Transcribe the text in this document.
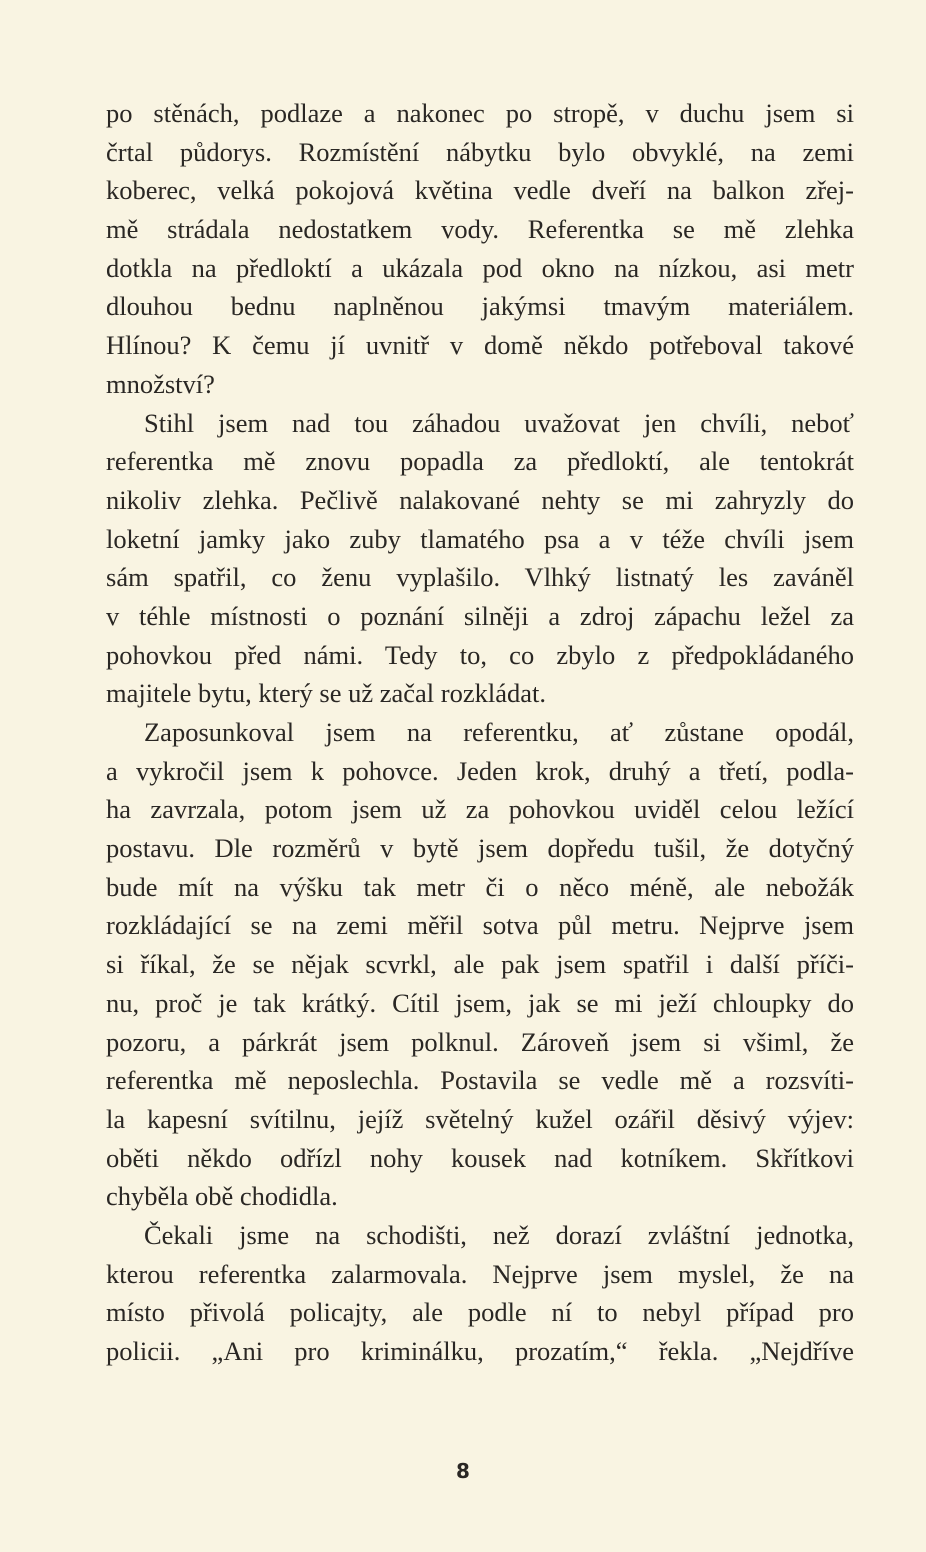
po stěnách, podlaze a nakonec po stropě, v duchu jsem si
črtal půdorys. Rozmístění nábytku bylo obvyklé, na zemi
koberec, velká pokojová květina vedle dveří na balkon zřej-
mě strádala nedostatkem vody. Referentka se mě zlehka
dotkla na předloktí a ukázala pod okno na nízkou, asi metr
dlouhou bednu naplněnou jakýmsi tmavým materiálem.
Hlínou? K čemu jí uvnitř v domě někdo potřeboval takové
množství?
Stihl jsem nad tou záhadou uvažovat jen chvíli, neboť
referentka mě znovu popadla za předloktí, ale tentokrát
nikoliv zlehka. Pečlivě nalakované nehty se mi zahryzly do
loketní jamky jako zuby tlamatého psa a v téže chvíli jsem
sám spatřil, co ženu vyplašilo. Vlhký listnatý les zaváněl
v téhle místnosti o poznání silněji a zdroj zápachu ležel za
pohovkou před námi. Tedy to, co zbylo z předpokládaného
majitele bytu, který se už začal rozkládat.
Zaposunkoval jsem na referentku, ať zůstane opodál,
a vykročil jsem k pohovce. Jeden krok, druhý a třetí, podla-
ha zavrzala, potom jsem už za pohovkou uviděl celou ležící
postavu. Dle rozměrů v bytě jsem dopředu tušil, že dotyčný
bude mít na výšku tak metr či o něco méně, ale nebožák
rozkládající se na zemi měřil sotva půl metru. Nejprve jsem
si říkal, že se nějak scvrkl, ale pak jsem spatřil i další příči-
nu, proč je tak krátký. Cítil jsem, jak se mi ježí chloupky do
pozoru, a párkrát jsem polknul. Zároveň jsem si všiml, že
referentka mě neposlechla. Postavila se vedle mě a rozsvíti-
la kapesní svítilnu, jejíž světelný kužel ozářil děsivý výjev:
oběti někdo odřízl nohy kousek nad kotníkem. Skřítkovi
chyběla obě chodidla.
Čekali jsme na schodišti, než dorazí zvláštní jednotka,
kterou referentka zalarmovala. Nejprve jsem myslel, že na
místo přivolá policajty, ale podle ní to nebyl případ pro
policii. „Ani pro kriminálku, prozatím,“ řekla. „Nejdříve
8
